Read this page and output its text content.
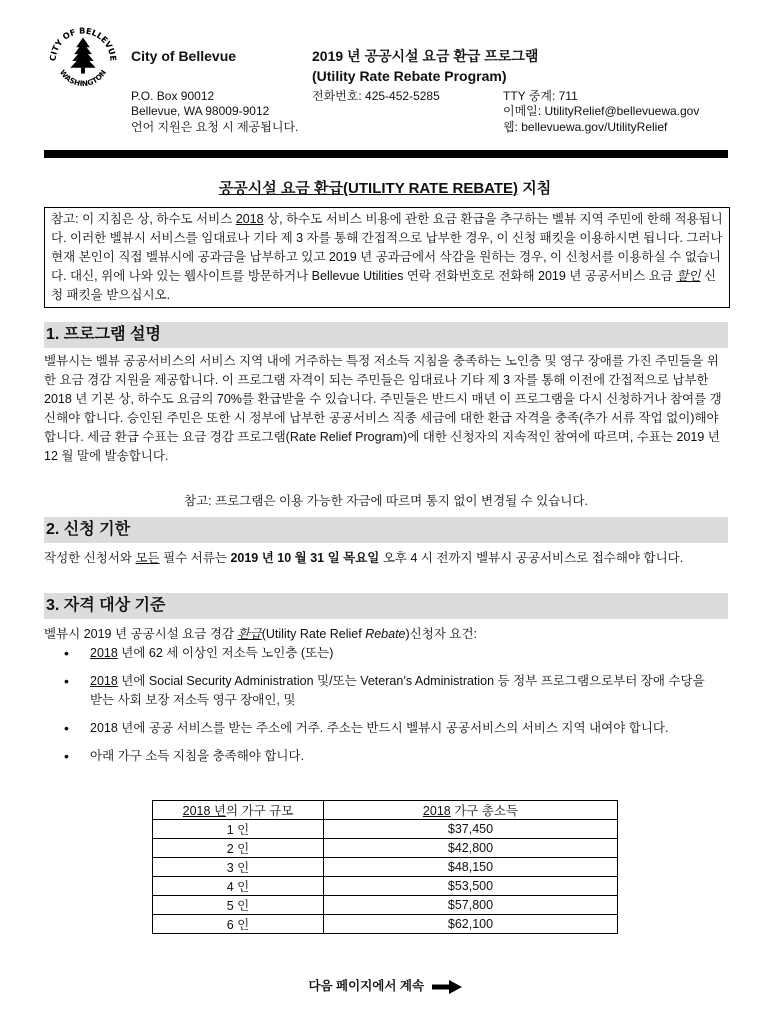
CITY OF BELLEVUE
WASHINGTON
City of Bellevue
P.O. Box 90012
Bellevue, WA 98009-9012
언어 지원은 요청 시 제공됩니다.
2019 년 공공시설 요금 환급 프로그램
(Utility Rate Rebate Program)
전화번호: 425-452-5285	TTY 중계: 711
이메일: UtilityRelief@bellevuewa.gov
웹: bellevuewa.gov/UtilityRelief
공공시설 요금 환급(UTILITY RATE REBATE) 지침
참고: 이 지침은 상, 하수도 서비스 2018 상, 하수도 서비스 비용에 관한 요금 환급을 추구하는 벨뷰 지역 주민에 한해 적용됩니다. 이러한 벨뷰시 서비스를 임대료나 기타 제 3 자를 통해 간접적으로 납부한 경우, 이 신청 패킷을 이용하시면 됩니다. 그러나 현재 본인이 직접 벨뷰시에 공과금을 납부하고 있고 2019 년 공과금에서 삭감을 원하는 경우, 이 신청서를 이용하실 수 없습니다. 대신, 위에 나와 있는 웹사이트를 방문하거나 Bellevue Utilities 연락 전화번호로 전화해 2019 년 공공서비스 요금 할인 신청 패킷을 받으십시오.
1. 프로그램 설명
벨뷰시는 벨뷰 공공서비스의 서비스 지역 내에 거주하는 특정 저소득 지침을 충족하는 노인층 및 영구 장애를 가진 주민들을 위한 요금 경감 지원을 제공합니다. 이 프로그램 자격이 되는 주민들은 임대료나 기타 제 3 자를 통해 이전에 간접적으로 납부한 2018 년 기본 상, 하수도 요금의 70%를 환급받을 수 있습니다. 주민들은 반드시 매년 이 프로그램을 다시 신청하거나 참여를 갱신해야 합니다. 승인된 주민은 또한 시 정부에 납부한 공공서비스 직종 세금에 대한 환급 자격을 충족(추가 서류 작업 없이)해야 합니다. 세금 환급 수표는 요금 경감 프로그램(Rate Relief Program)에 대한 신청자의 지속적인 참여에 따르며, 수표는 2019 년 12 월 말에 발송합니다.
참고: 프로그램은 이용 가능한 자금에 따르며 통지 없이 변경될 수 있습니다.
2. 신청 기한
작성한 신청서와 모든 필수 서류는 2019 년 10 월 31 일 목요일 오후 4 시 전까지 벨뷰시 공공서비스로 접수해야 합니다.
3. 자격 대상 기준
벨뷰시 2019 년 공공시설 요금 경감 환급(Utility Rate Relief Rebate)신청자 요건:
• 2018 년에 62 세 이상인 저소득 노인층 (또는)
• 2018 년에 Social Security Administration 및/또는 Veteran’s Administration 등 정부 프로그램으로부터 장애 수당을 받는 사회 보장 저소득 영구 장애인, 및
• 2018 년에 공공 서비스를 받는 주소에 거주. 주소는 반드시 벨뷰시 공공서비스의 서비스 지역 내여야 합니다.
• 아래 가구 소득 지침을 충족해야 합니다.
2018 년의 가구 규모	2018 가구 총소득
1 인	$37,450
2 인	$42,800
3 인	$48,150
4 인	$53,500
5 인	$57,800
6 인	$62,100
다음 페이지에서 계속
